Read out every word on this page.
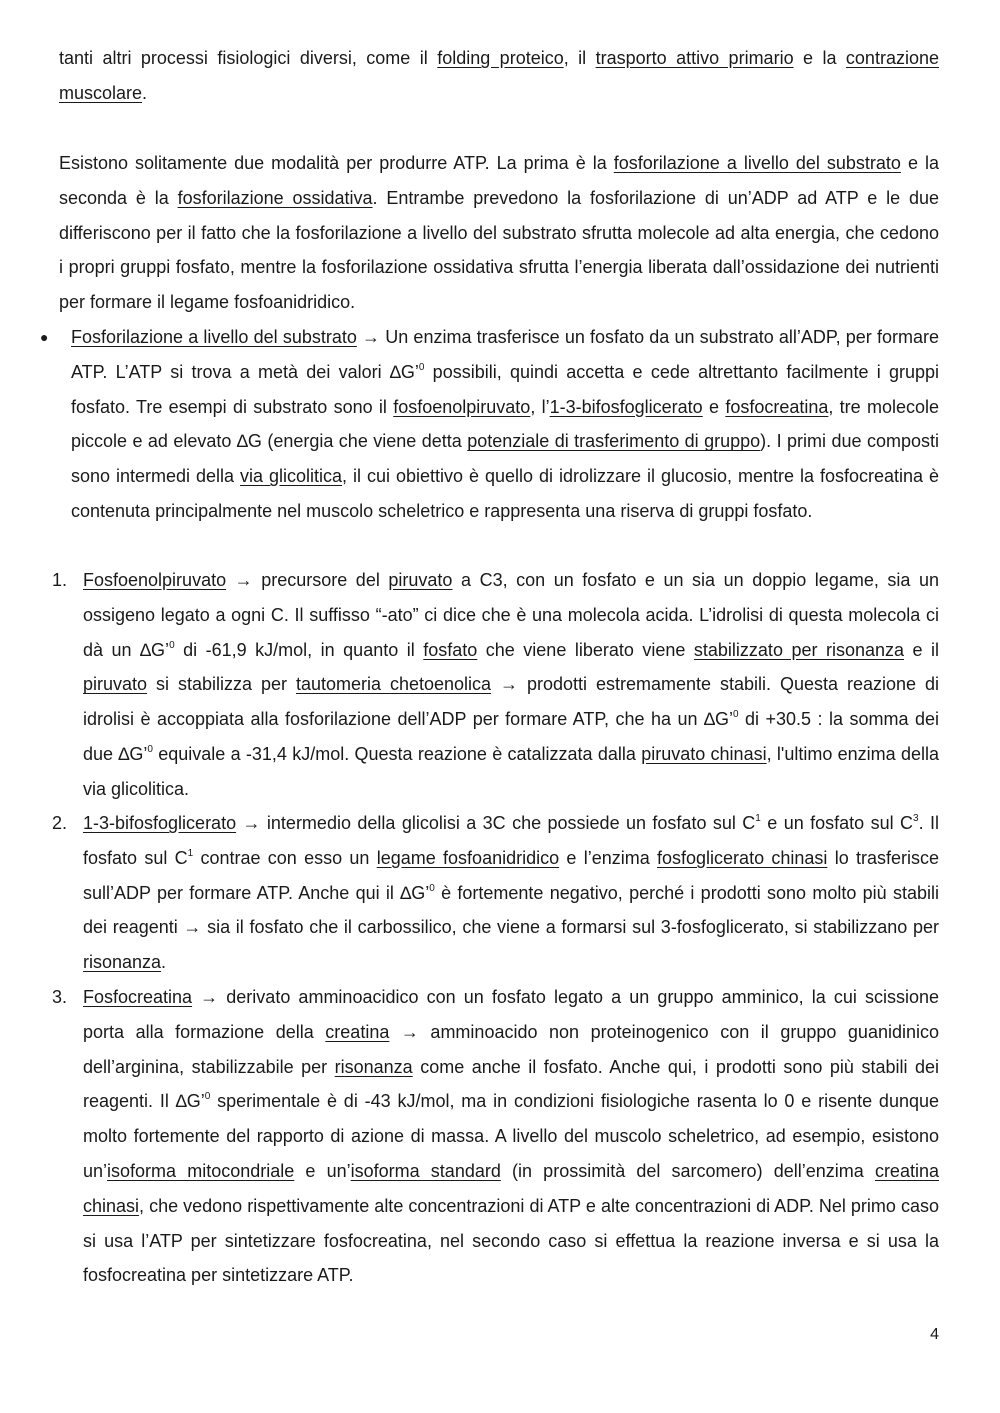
tanti altri processi fisiologici diversi, come il folding proteico, il trasporto attivo primario e la contrazione muscolare.

Esistono solitamente due modalità per produrre ATP. La prima è la fosforilazione a livello del substrato e la seconda è la fosforilazione ossidativa. Entrambe prevedono la fosforilazione di un’ADP ad ATP e le due differiscono per il fatto che la fosforilazione a livello del substrato sfrutta molecole ad alta energia, che cedono i propri gruppi fosfato, mentre la fosforilazione ossidativa sfrutta l’energia liberata dall’ossidazione dei nutrienti per formare il legame fosfoanidridico.

● Fosforilazione a livello del substrato → Un enzima trasferisce un fosfato da un substrato all’ADP, per formare ATP. L’ATP si trova a metà dei valori ∆G’$^0$ possibili, quindi accetta e cede altrettanto facilmente i gruppi fosfato. Tre esempi di substrato sono il fosfoenolpiruvato, l’1-3-bifosfoglicerato e fosfocreatina, tre molecole piccole e ad elevato ∆G (energia che viene detta potenziale di trasferimento di gruppo). I primi due composti sono intermedi della via glicolitica, il cui obiettivo è quello di idrolizzare il glucosio, mentre la fosfocreatina è contenuta principalmente nel muscolo scheletrico e rappresenta una riserva di gruppi fosfato.

1. Fosfoenolpiruvato → precursore del piruvato a C3, con un fosfato e un sia un doppio legame, sia un ossigeno legato a ogni C. Il suffisso “-ato” ci dice che è una molecola acida. L’idrolisi di questa molecola ci dà un ∆G’$^0$ di -61,9 kJ/mol, in quanto il fosfato che viene liberato viene stabilizzato per risonanza e il piruvato si stabilizza per tautomeria chetoenolica → prodotti estremamente stabili. Questa reazione di idrolisi è accoppiata alla fosforilazione dell’ADP per formare ATP, che ha un ∆G’$^0$ di +30.5 : la somma dei due ∆G’$^0$ equivale a -31,4 kJ/mol. Questa reazione è catalizzata dalla piruvato chinasi, l'ultimo enzima della via glicolitica.

2. 1-3-bifosfoglicerato → intermedio della glicolisi a 3C che possiede un fosfato sul $C^1$ e un fosfato sul $C^3$. Il fosfato sul $C^1$ contrae con esso un legame fosfoanidridico e l’enzima fosfoglicerato chinasi lo trasferisce sull’ADP per formare ATP. Anche qui il ∆G’$^0$ è fortemente negativo, perché i prodotti sono molto più stabili dei reagenti → sia il fosfato che il carbossilico, che viene a formarsi sul 3-fosfoglicerato, si stabilizzano per risonanza.

3. Fosfocreatina → derivato amminoacidico con un fosfato legato a un gruppo amminico, la cui scissione porta alla formazione della creatina → amminoacido non proteinogenico con il gruppo guanidinico dell’arginina, stabilizzabile per risonanza come anche il fosfato. Anche qui, i prodotti sono più stabili dei reagenti. Il ∆G’$^0$ sperimentale è di -43 kJ/mol, ma in condizioni fisiologiche rasenta lo 0 e risente dunque molto fortemente del rapporto di azione di massa. A livello del muscolo scheletrico, ad esempio, esistono un’isoforma mitocondriale e un’isoforma standard (in prossimità del sarcomero) dell’enzima creatina chinasi, che vedono rispettivamente alte concentrazioni di ATP e alte concentrazioni di ADP. Nel primo caso si usa l’ATP per sintetizzare fosfocreatina, nel secondo caso si effettua la reazione inversa e si usa la fosfocreatina per sintetizzare ATP.

4
